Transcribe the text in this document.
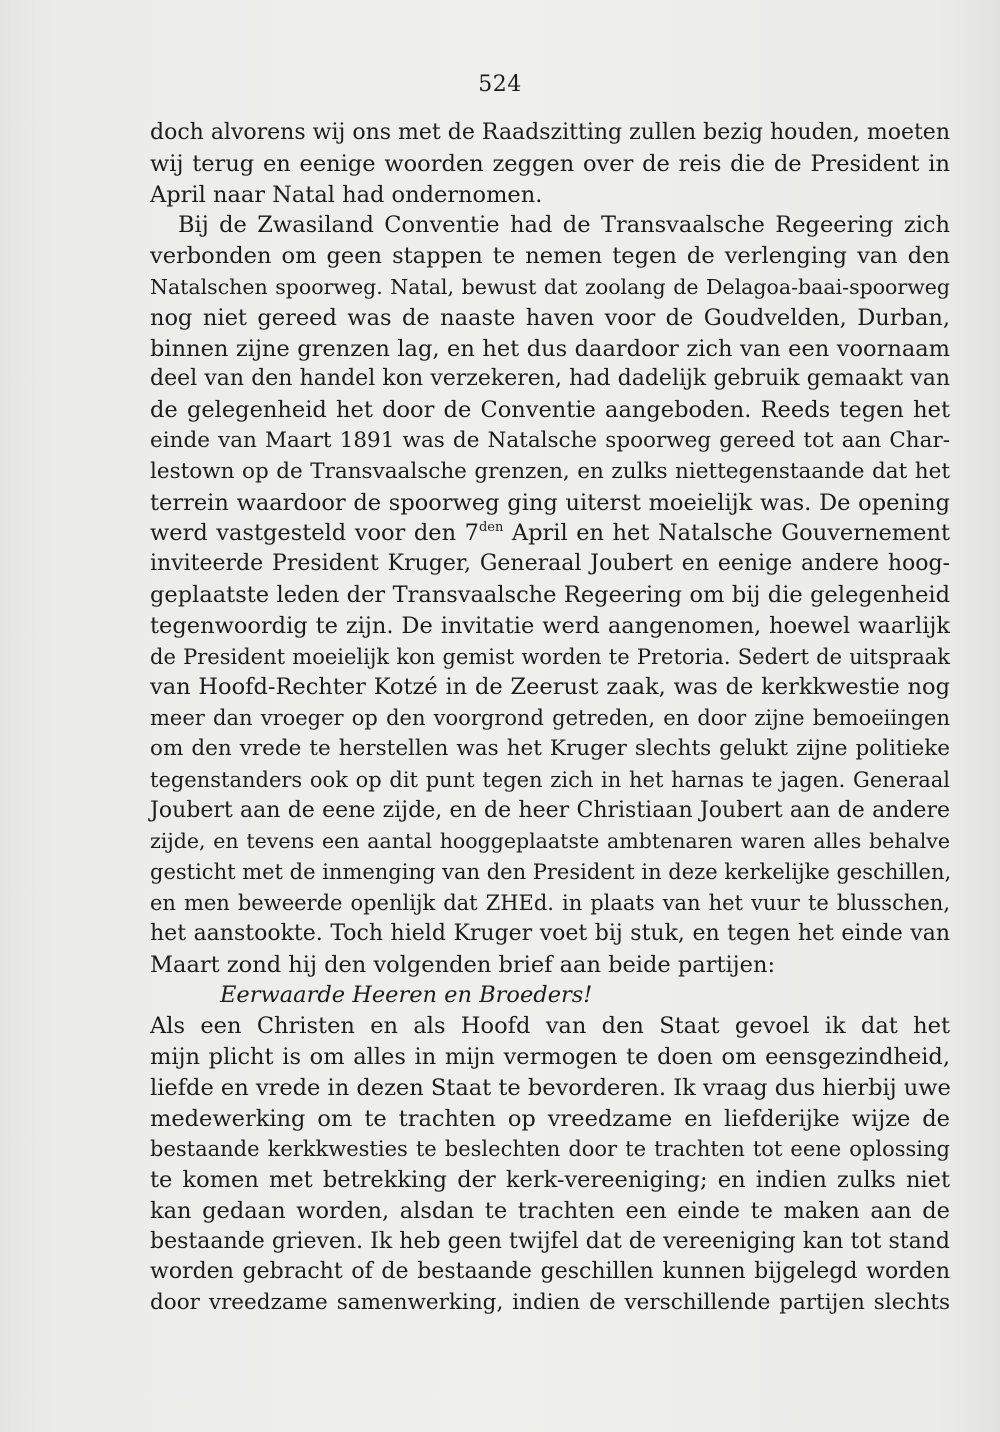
524
doch alvorens wij ons met de Raadszitting zullen bezig houden, moeten
wij terug en eenige woorden zeggen over de reis die de President in
April naar Natal had ondernomen.
Bij de Zwasiland Conventie had de Transvaalsche Regeering zich
verbonden om geen stappen te nemen tegen de verlenging van den
Natalschen spoorweg. Natal, bewust dat zoolang de Delagoa-baai-spoorweg
nog niet gereed was de naaste haven voor de Goudvelden, Durban,
binnen zijne grenzen lag, en het dus daardoor zich van een voornaam
deel van den handel kon verzekeren, had dadelijk gebruik gemaakt van
de gelegenheid het door de Conventie aangeboden. Reeds tegen het
einde van Maart 1891 was de Natalsche spoorweg gereed tot aan Char-
lestown op de Transvaalsche grenzen, en zulks niettegenstaande dat het
terrein waardoor de spoorweg ging uiterst moeielijk was. De opening
werd vastgesteld voor den $7^{den}$ April en het Natalsche Gouvernement
inviteerde President Kruger, Generaal Joubert en eenige andere hoog-
geplaatste leden der Transvaalsche Regeering om bij die gelegenheid
tegenwoordig te zijn. De invitatie werd aangenomen, hoewel waarlijk
de President moeielijk kon gemist worden te Pretoria. Sedert de uitspraak
van Hoofd-Rechter Kotzé in de Zeerust zaak, was de kerkkwestie nog
meer dan vroeger op den voorgrond getreden, en door zijne bemoeiingen
om den vrede te herstellen was het Kruger slechts gelukt zijne politieke
tegenstanders ook op dit punt tegen zich in het harnas te jagen. Generaal
Joubert aan de eene zijde, en de heer Christiaan Joubert aan de andere
zijde, en tevens een aantal hooggeplaatste ambtenaren waren alles behalve
gesticht met de inmenging van den President in deze kerkelijke geschillen,
en men beweerde openlijk dat ZHEd. in plaats van het vuur te blusschen,
het aanstookte. Toch hield Kruger voet bij stuk, en tegen het einde van
Maart zond hij den volgenden brief aan beide partijen:
Eerwaarde Heeren en Broeders!
Als een Christen en als Hoofd van den Staat gevoel ik dat het
mijn plicht is om alles in mijn vermogen te doen om eensgezindheid,
liefde en vrede in dezen Staat te bevorderen. Ik vraag dus hierbij uwe
medewerking om te trachten op vreedzame en liefderijke wijze de
bestaande kerkkwesties te beslechten door te trachten tot eene oplossing
te komen met betrekking der kerk-vereeniging; en indien zulks niet
kan gedaan worden, alsdan te trachten een einde te maken aan de
bestaande grieven. Ik heb geen twijfel dat de vereeniging kan tot stand
worden gebracht of de bestaande geschillen kunnen bijgelegd worden
door vreedzame samenwerking, indien de verschillende partijen slechts
